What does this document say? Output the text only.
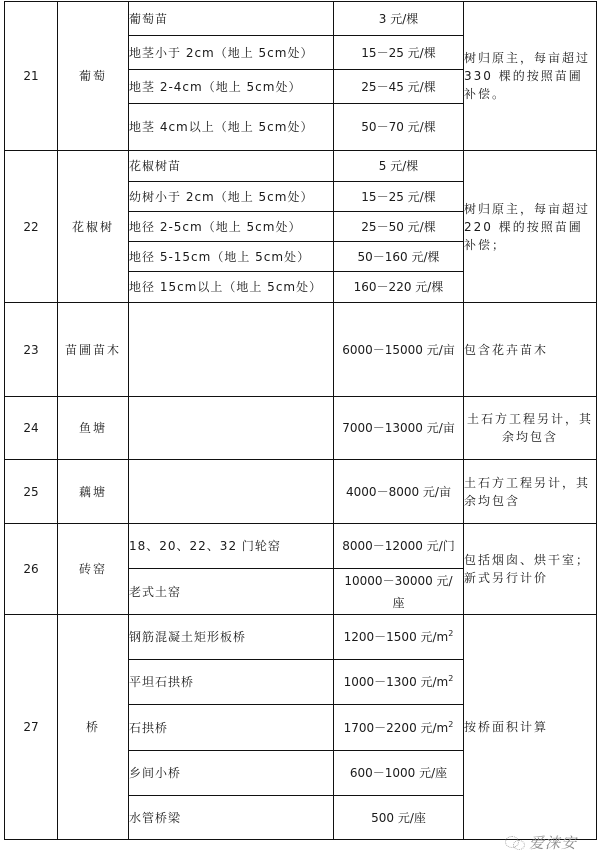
21	葡萄	葡萄苗	3 元/棵	树归原主，每亩超过 330 棵的按照苗圃补偿。
		地茎小于 2cm（地上 5cm处）	15－25 元/棵	
		地茎 2-4cm（地上 5cm处）	25－45 元/棵	
		地茎 4cm以上（地上 5cm处）	50－70 元/棵	
22	花椒树	花椒树苗	5 元/棵	树归原主，每亩超过 220 棵的按照苗圃补偿；
		幼树小于 2cm（地上 5cm处）	15－25 元/棵	
		地径 2-5cm（地上 5cm处）	25－50 元/棵	
		地径 5-15cm（地上 5cm处）	50－160 元/棵	
		地径 15cm以上（地上 5cm处）	160－220 元/棵	
23	苗圃苗木		6000－15000 元/亩	包含花卉苗木
24	鱼塘		7000－13000 元/亩	土石方工程另计，其余均包含
25	藕塘		4000－8000 元/亩	土石方工程另计，其余均包含
26	砖窑	18、20、22、32 门轮窑	8000－12000 元/门	包括烟囱、烘干室；新式另行计价
		老式土窑	10000－30000 元/座	
27	桥	钢筋混凝土矩形板桥	1200－1500 元$/m^2$	按桥面积计算
		平坦石拱桥	1000－1300 元$/m^2$
		石拱桥	1700－2200 元$/m^2$
		乡间小桥	600－1000 元/座	
		水管桥梁	500 元/座	
爱涞安
